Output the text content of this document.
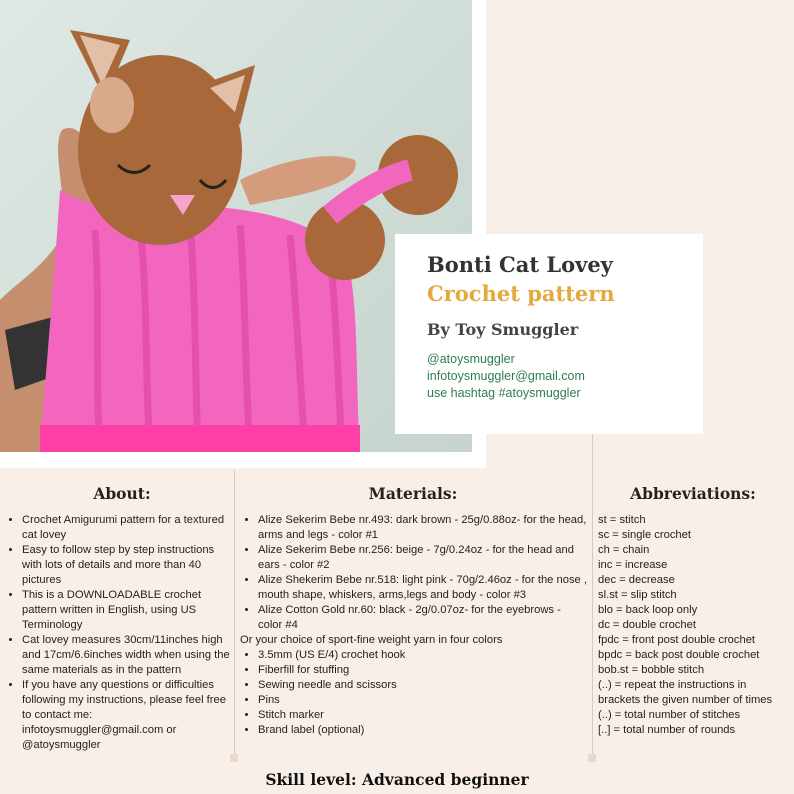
Bonti Cat Lovey

Crochet pattern

By Toy Smuggler

@atoysmuggler

infotoysmuggler@gmail.com

use hashtag #atoysmuggler

About:
• Crochet Amigurumi pattern for a textured cat lovey
• Easy to follow step by step instructions with lots of details and more than 40 pictures
• This is a DOWNLOADABLE crochet pattern written in English, using US Terminology
• Cat lovey measures 30cm/11inches high and 17cm/6.6inches width when using the same materials as in the pattern
• If you have any questions or difficulties following my instructions, please feel free to contact me: infotoysmuggler@gmail.com or @atoysmuggler
Materials:
• Alize Sekerim Bebe nr.493: dark brown - 25g/0.88oz- for the head, arms and legs - color #1
• Alize Sekerim Bebe nr.256: beige - 7g/0.24oz - for the head and ears - color #2
• Alize Shekerim Bebe nr.518: light pink - 70g/2.46oz - for the nose , mouth shape, whiskers, arms,legs and body - color #3
• Alize Cotton Gold nr.60: black - 2g/0.07oz- for the eyebrows - color #4
Or your choice of sport-fine weight yarn in four colors
• 3.5mm (US E/4) crochet hook
• Fiberfill for stuffing
• Sewing needle and scissors
• Pins
• Stitch marker
• Brand label (optional)
Abbreviations:
st = stitch
sc = single crochet
ch = chain
inc = increase
dec = decrease
sl.st = slip stitch
blo = back loop only
dc = double crochet
fpdc = front post double crochet
bpdc = back post double crochet
bob.st = bobble stitch
(..) = repeat the instructions in brackets the given number of times
(..) = total number of stitches
[..] = total number of rounds
Skill level: Advanced beginner
